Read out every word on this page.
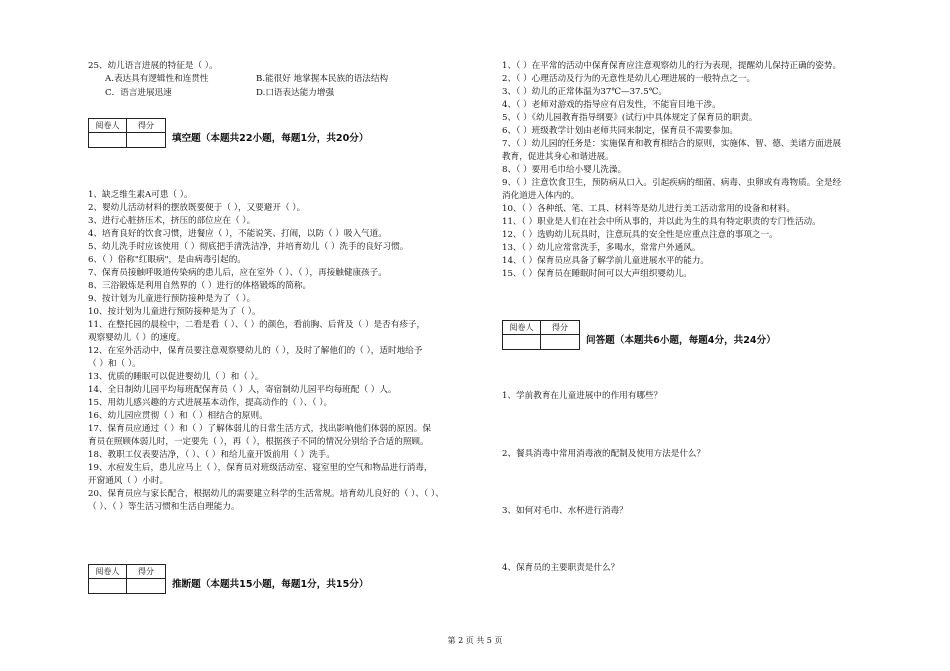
25、幼儿语言进展的特征是（ ）。
A.表达具有逻辑性和连贯性	B.能很好 地掌握本民族的语法结构
C．语言进展迅速	D.口语表达能力增强
阅卷人	得分
填空题（本题共22小题，每题1分，共20分）
1、缺乏维生素A可患（ ）。
2、婴幼儿活动材料的摆放既要便于（ ），又要避开（ ）。
3、进行心脏挤压术，挤压的部位应在（ ）。
4、培育良好的饮食习惯，进餐应（ ），不能说笑、打闹，以防（ ）吸入气道。
5、幼儿洗手时应该使用（ ）彻底把手清洗洁净，并培育幼儿（ ）洗手的良好习惯。
6、（ ）俗称"红眼病"，是由病毒引起的。
7、保育员接触呼吸道传染病的患儿后，应在室外（ ）、（ ），再接触健康孩子。
8、三浴锻炼是利用自然界的（ ）进行的体格锻炼的简称。
9、按计划为儿童进行预防接种是为了（ ）。
10、按计划为儿童进行预防接种是为了（ ）。
11、在整托园的晨检中，二看是看（ ）、（ ）的颜色，看前胸、后背及（ ）是否有疹子，
观察婴幼儿（ ）的速度。
12、在室外活动中，保育员要注意观察婴幼儿的（ ），及时了解他们的（ ），适时地给予
（ ）和（ ）。
13、优质的睡眠可以促进婴幼儿（ ）和（ ）。
14、全日制幼儿园平均每班配保育员（ ）人，寄宿制幼儿园平均每班配（ ）人。
15、用幼儿感兴趣的方式进展基本动作，提高动作的（ ）、（ ）。
16、幼儿园应贯彻（ ）和（ ）相结合的原则。
17、保育员应通过（ ）和（ ）了解体弱儿的日常生活方式，找出影响他们体弱的原因。保
育员在照顾体弱儿时，一定要先（ ），再（ ），根据孩子不同的情况分别给予合适的照顾。
18、教职工仪表要洁净，（ ）、（ ）和给儿童开饭前用（ ）洗手。
19、水痘发生后，患儿应马上（ ），保育员对班级活动室、寝室里的空气和物品进行消毒，
开窗通风（ ）小时。
20、保育员应与家长配合，根据幼儿的需要建立科学的生活常规。培育幼儿良好的（ ）、（ ）、
（ ）、（ ）等生活习惯和生活自理能力。
阅卷人	得分
推断题（本题共15小题，每题1分，共15分）
1、（ ）在平常的活动中保育保育应注意观察幼儿的行为表现，提醒幼儿保持正确的姿势。
2、（ ）心理活动及行为的无意性是幼儿心理进展的一般特点之一。
3、（ ）幼儿的正常体温为37℃—37.5℃。
4、（ ）老师对游戏的指导应有启发性，不能盲目地干涉。
5、（ ）《幼儿园教育指导纲要》(试行)中具体规定了保育员的职责。
6、（ ）班级教学计划由老师共同来制定，保育员不需要参加。
7、（ ）幼儿园的任务是：实施保育和教育相结合的原则，实施体、智、德、美诸方面进展
教育，促进其身心和谐进展。
8、（ ）要用毛巾给小婴儿洗澡。
9、（ ）注意饮食卫生，预防病从口入。引起疾病的细菌、病毒、虫卵或有毒物质。全是经
消化道进入体内的。
10、（ ）各种纸、笔、工具、材料等是幼儿进行美工活动常用的设备和材料。
11、（ ）职业是人们在社会中所从事的，并以此为生的具有特定职责的专门性活动。
12、（ ）选购幼儿玩具时，注意玩具的安全性是应重点注意的事项之一。
13、（ ）幼儿应常常洗手，多喝水，常常户外通风。
14、（ ）保育员应具备了解学前儿童进展水平的能力。
15、（ ）保育员在睡眠时间可以大声组织婴幼儿。
阅卷人	得分
问答题（本题共6小题，每题4分，共24分）
1、学前教育在儿童进展中的作用有哪些？
2、餐具消毒中常用消毒液的配制及使用方法是什么？
3、如何对毛巾、水杯进行消毒？
4、保育员的主要职责是什么？
第 2 页 共 5 页
